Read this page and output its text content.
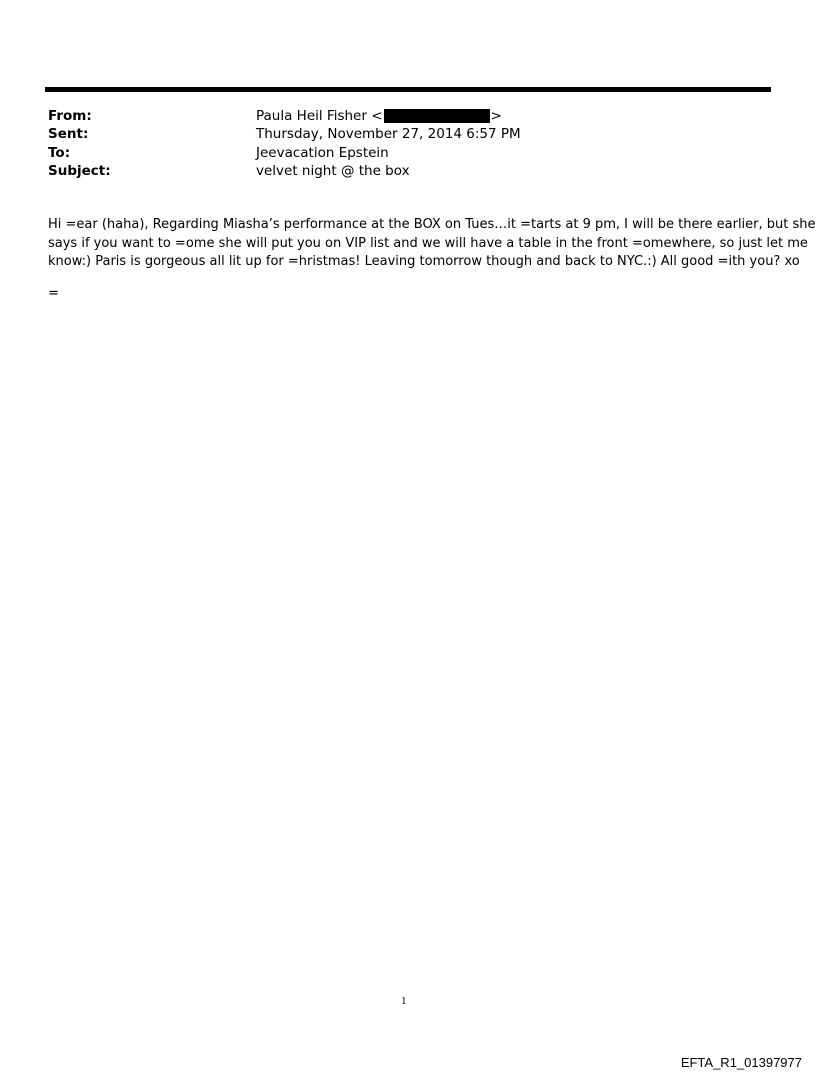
From:	Paula Heil Fisher <	>
Sent:	Thursday, November 27, 2014 6:57 PM
To:	Jeevacation Epstein
Subject:	velvet night @ the box

Hi =ear (haha), Regarding Miasha’s performance at the BOX on Tues…it =tarts at 9 pm, I will be there earlier, but she

says if you want to =ome she will put you on VIP list and we will have a table in the front =omewhere, so just let me

know:) Paris is gorgeous all lit up for =hristmas! Leaving tomorrow though and back to NYC.:) All good =ith you? xo

=
1
EFTA_R1_01397977
